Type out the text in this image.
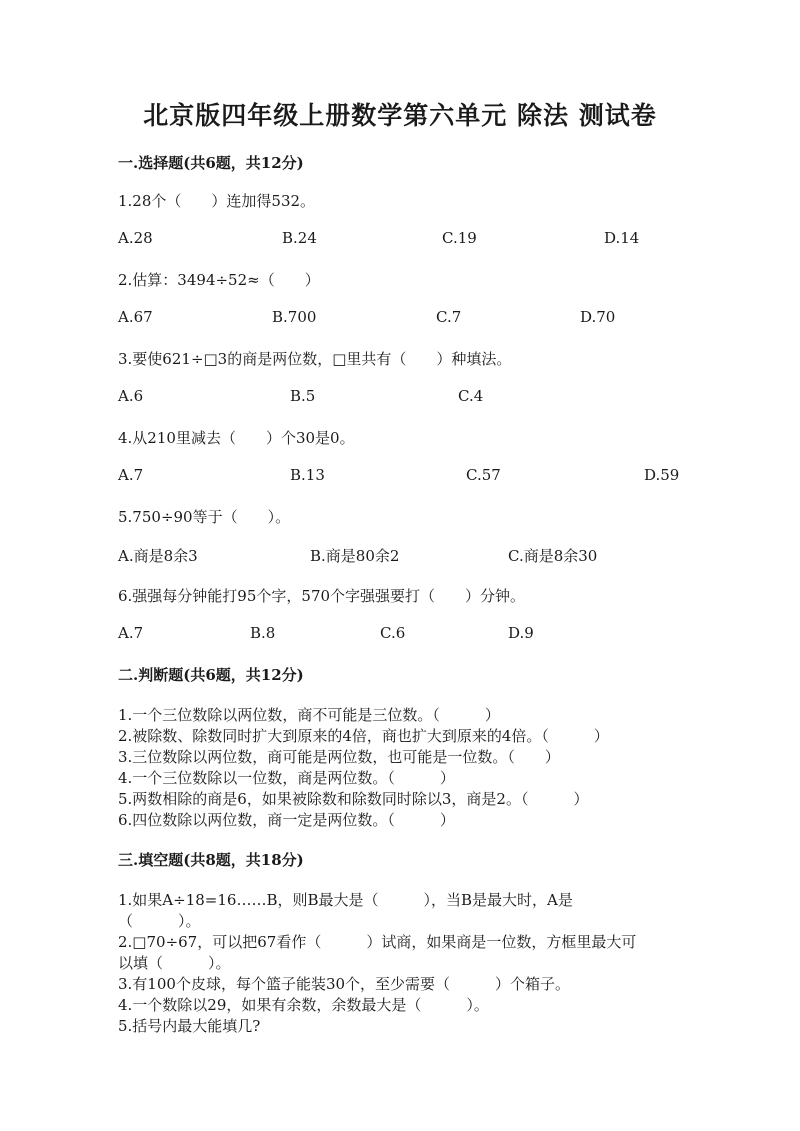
北京版四年级上册数学第六单元 除法 测试卷
一.选择题(共6题，共12分)
1.28个（　　）连加得532。
A.28	B.24	C.19	D.14
2.估算：3494÷52≈（　　）
A.67	B.700	C.7	D.70
3.要使621÷□3的商是两位数，□里共有（　　）种填法。
A.6	B.5	C.4
4.从210里减去（　　）个30是0。
A.7	B.13	C.57	D.59
5.750÷90等于（　　）。
A.商是8余3	B.商是80余2	C.商是8余30
6.强强每分钟能打95个字，570个字强强要打（　　）分钟。
A.7	B.8	C.6	D.9
二.判断题(共6题，共12分)
1.一个三位数除以两位数，商不可能是三位数。（　　　）
2.被除数、除数同时扩大到原来的4倍，商也扩大到原来的4倍。（　　　）
3.三位数除以两位数，商可能是两位数，也可能是一位数。（　　）
4.一个三位数除以一位数，商是两位数。（　　　）
5.两数相除的商是6，如果被除数和除数同时除以3，商是2。（　　　）
6.四位数除以两位数，商一定是两位数。（　　　）
三.填空题(共8题，共18分)
1.如果A÷18=16……B，则B最大是（　　　），当B是最大时，A是
（　　　）。
2.□70÷67，可以把67看作（　　　）试商，如果商是一位数，方框里最大可
以填（　　　）。
3.有100个皮球，每个篮子能装30个，至少需要（　　　）个箱子。
4.一个数除以29，如果有余数，余数最大是（　　　）。
5.括号内最大能填几?
